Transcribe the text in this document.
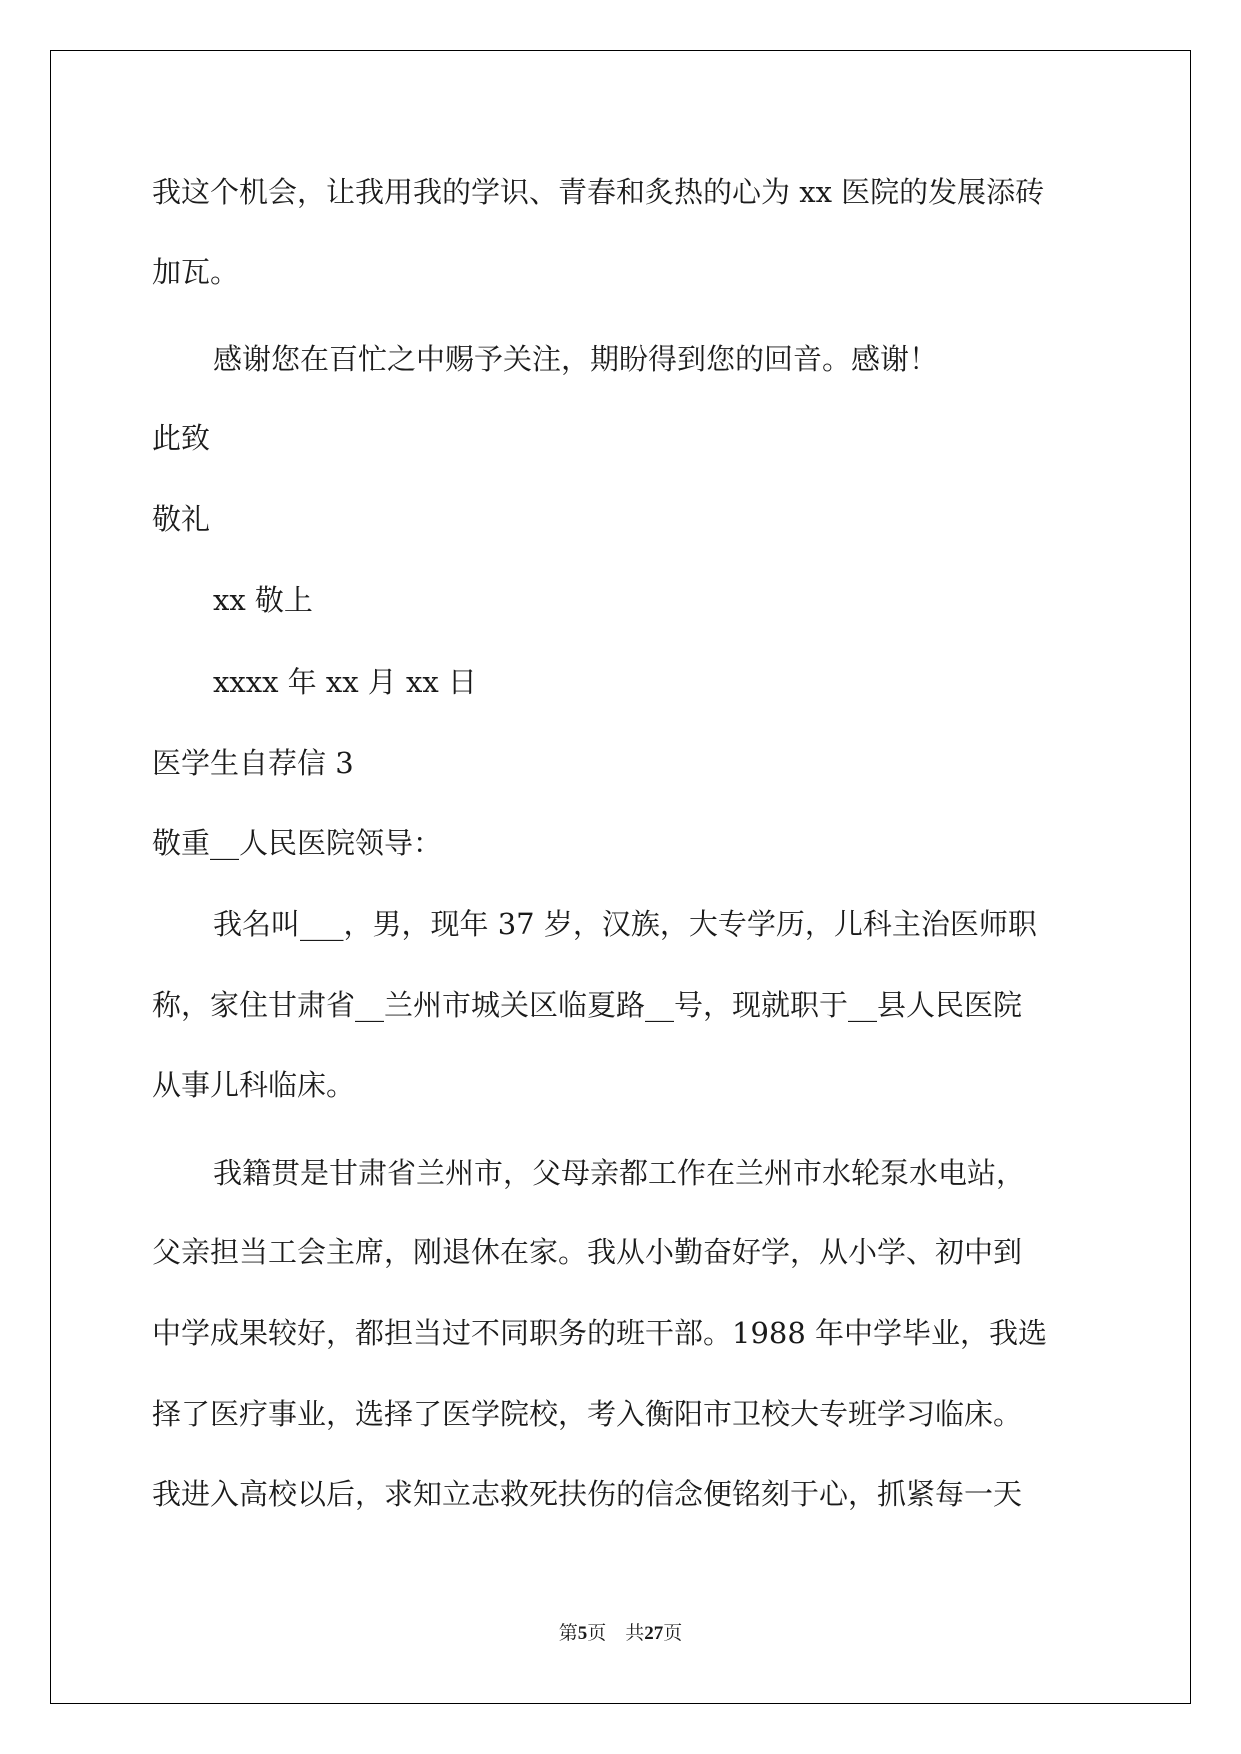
我这个机会，让我用我的学识、青春和炙热的心为 xx 医院的发展添砖
加瓦。
感谢您在百忙之中赐予关注，期盼得到您的回音。感谢！
此致
敬礼
xx 敬上
xxxx 年 xx 月 xx 日
医学生自荐信 3
敬重__人民医院领导：
我名叫___，男，现年 37 岁，汉族，大专学历，儿科主治医师职
称，家住甘肃省__兰州市城关区临夏路__号，现就职于__县人民医院
从事儿科临床。
我籍贯是甘肃省兰州市，父母亲都工作在兰州市水轮泵水电站，
父亲担当工会主席，刚退休在家。我从小勤奋好学，从小学、初中到
中学成果较好，都担当过不同职务的班干部。1988 年中学毕业，我选
择了医疗事业，选择了医学院校，考入衡阳市卫校大专班学习临床。
我进入高校以后，求知立志救死扶伤的信念便铭刻于心，抓紧每一天
第5页　共27页
